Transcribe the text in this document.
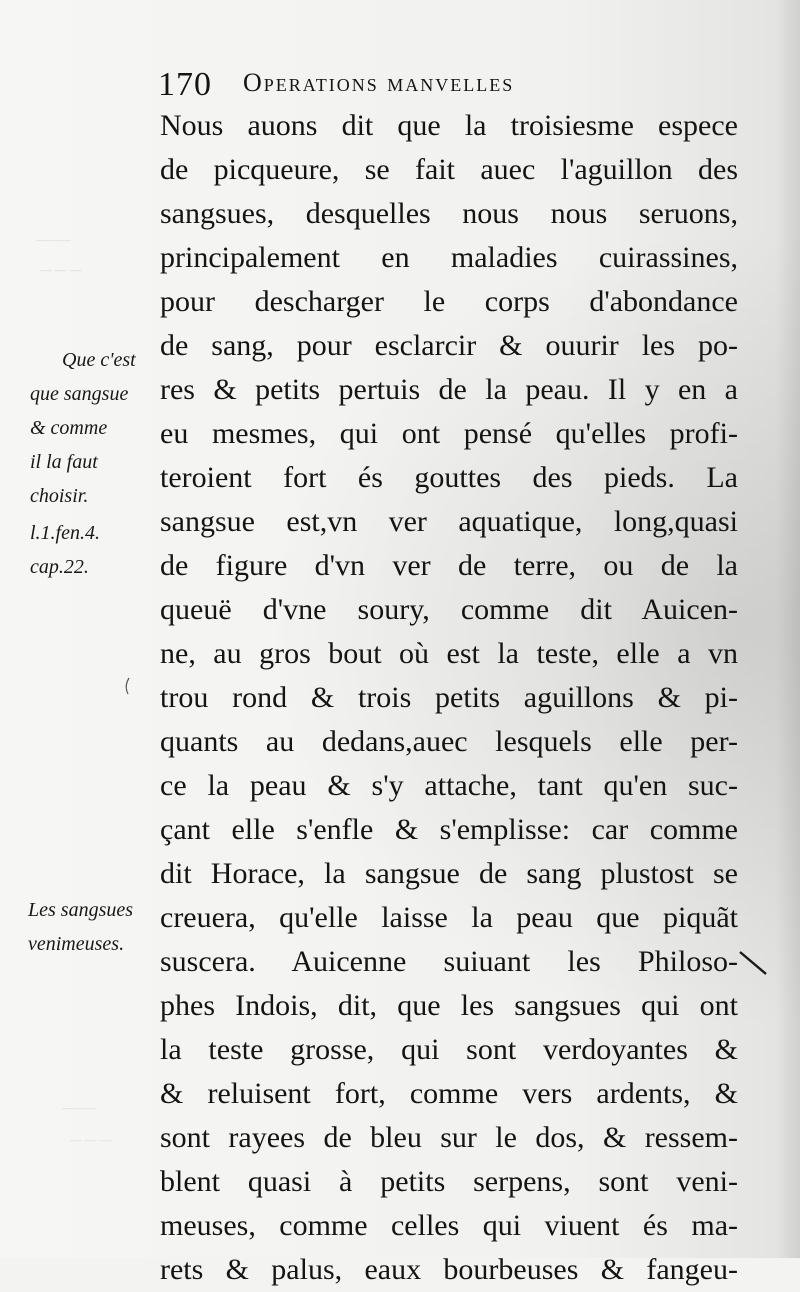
———
— — —
———
— — —
170 Operations manvelles
Nous auons dit que la troisiesme espece
de picqueure, se fait auec l'aguillon des
sangsues, desquelles nous nous seruons,
principalement en maladies cuirassines,
pour descharger le corps d'abondance
de sang, pour esclarcir & ouurir les po-
res & petits pertuis de la peau. Il y en a
eu mesmes, qui ont pensé qu'elles profi-
teroient fort és gouttes des pieds. La
sangsue est,vn ver aquatique, long,quasi
de figure d'vn ver de terre, ou de la
queuë d'vne soury, comme dit Auicen-
ne, au gros bout où est la teste, elle a vn
trou rond & trois petits aguillons & pi-
quants au dedans,auec lesquels elle per-
ce la peau & s'y attache, tant qu'en suс-
çant elle s'enfle & s'emplisse: car comme
dit Horace, la sangsue de sang plustost se
creuera, qu'elle laisse la peau que piquãt
suscera. Auicenne suiuant les Philoso-
phes Indois, dit, que les sangsues qui ont
la teste grosse, qui sont verdoyantes &
& reluisent fort, comme vers ardents, &
sont rayees de bleu sur le dos, & ressem-
blent quasi à petits serpens, sont veni-
meuses, comme celles qui viuent és ma-
rets & palus, eaux bourbeuses & fangeu-
Que c'est
que sangsue
& comme
il la faut
choisir.
l.1.fen.4.
cap.22.
Les sangsues
venimeuses.
